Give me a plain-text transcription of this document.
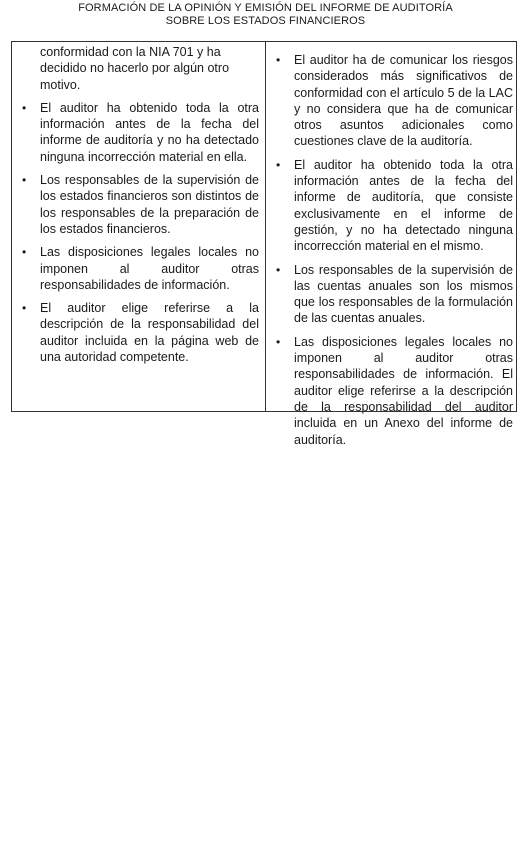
FORMACIÓN DE LA OPINIÓN Y EMISIÓN DEL INFORME DE AUDITORÍA
SOBRE LOS ESTADOS FINANCIEROS

conformidad con la NIA 701 y ha decidido no hacerlo por algún otro motivo.

• El auditor ha obtenido toda la otra información antes de la fecha del informe de auditoría y no ha detectado ninguna incorrección material en ella.
• Los responsables de la supervisión de los estados financieros son distintos de los responsables de la preparación de los estados financieros.
• Las disposiciones legales locales no imponen al auditor otras responsabilidades de información.
• El auditor elige referirse a la descripción de la responsabilidad del auditor incluida en la página web de una autoridad competente.
• El auditor ha de comunicar los riesgos considerados más significativos de conformidad con el artículo 5 de la LAC y no considera que ha de comunicar otros asuntos adicionales como cuestiones clave de la auditoría.
• El auditor ha obtenido toda la otra información antes de la fecha del informe de auditoría, que consiste exclusivamente en el informe de gestión, y no ha detectado ninguna incorrección material en el mismo.
• Los responsables de la supervisión de las cuentas anuales son los mismos que los responsables de la formulación de las cuentas anuales.
• Las disposiciones legales locales no imponen al auditor otras responsabilidades de información. El auditor elige referirse a la descripción de la responsabilidad del auditor incluida en un Anexo del informe de auditoría.
